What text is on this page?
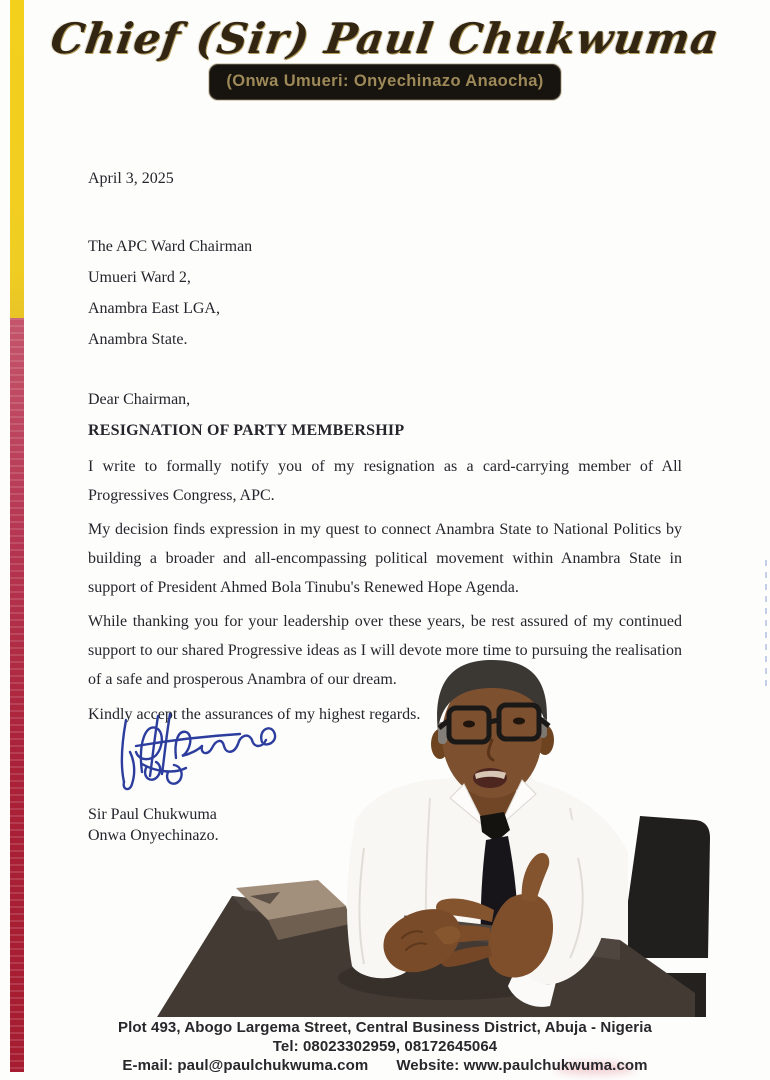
Chief (Sir) Paul Chukwuma
(Onwa Umueri: Onyechinazo Anaocha)
April 3, 2025
The APC Ward Chairman
Umueri Ward 2,
Anambra East LGA,
Anambra State.
Dear Chairman,
RESIGNATION OF PARTY MEMBERSHIP

I write to formally notify you of my resignation as a card-carrying member of All Progressives Congress, APC.

My decision finds expression in my quest to connect Anambra State to National Politics by building a broader and all-encompassing political movement within Anambra State in support of President Ahmed Bola Tinubu's Renewed Hope Agenda.

While thanking you for your leadership over these years, be rest assured of my continued support to our shared Progressive ideas as I will devote more time to pursuing the realisation of a safe and prosperous Anambra of our dream.

Kindly accept the assurances of my highest regards.
Sir Paul Chukwuma
Onwa Onyechinazo.
Plot 493, Abogo Largema Street, Central Business District, Abuja - Nigeria
Tel: 08023302959, 08172645064
E-mail: paul@paulchukwuma.com Website: www.paulchukwuma.com
